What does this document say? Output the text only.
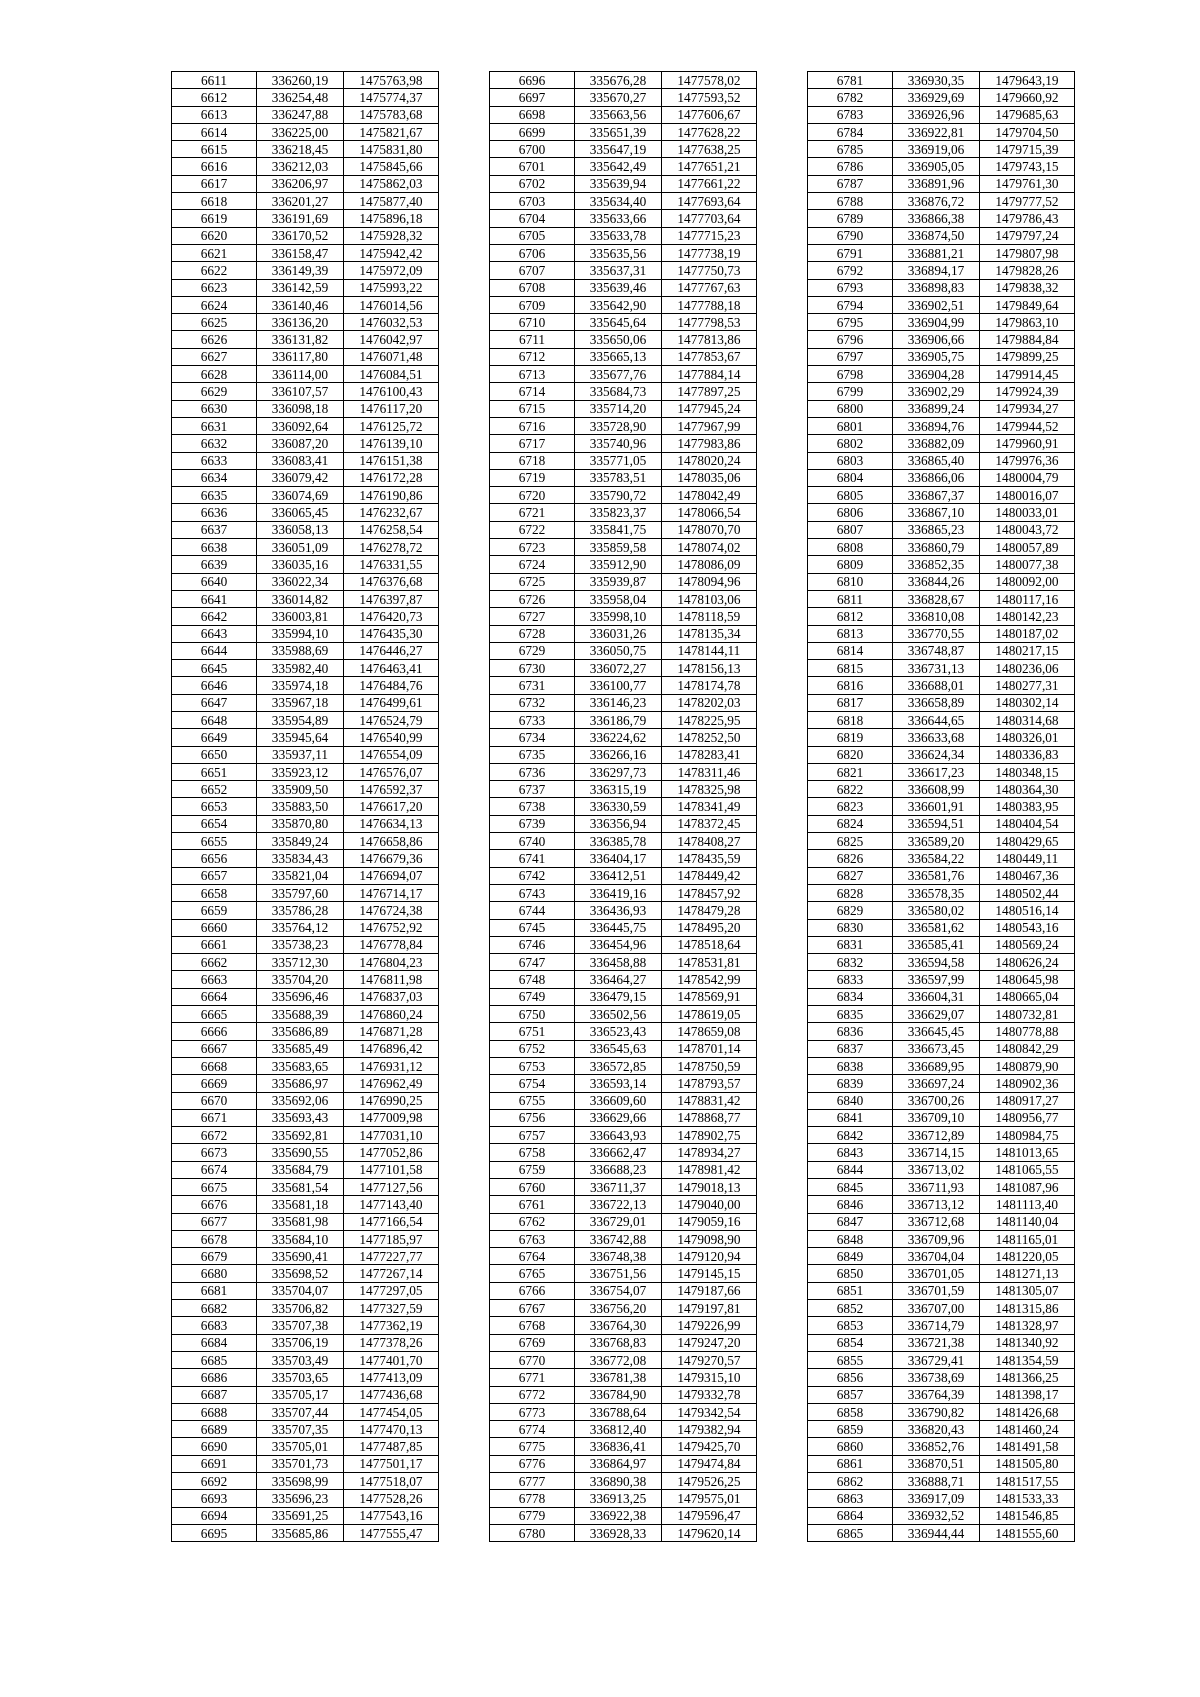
6611	336260,19	1475763,98
6612	336254,48	1475774,37
6613	336247,88	1475783,68
6614	336225,00	1475821,67
6615	336218,45	1475831,80
6616	336212,03	1475845,66
6617	336206,97	1475862,03
6618	336201,27	1475877,40
6619	336191,69	1475896,18
6620	336170,52	1475928,32
6621	336158,47	1475942,42
6622	336149,39	1475972,09
6623	336142,59	1475993,22
6624	336140,46	1476014,56
6625	336136,20	1476032,53
6626	336131,82	1476042,97
6627	336117,80	1476071,48
6628	336114,00	1476084,51
6629	336107,57	1476100,43
6630	336098,18	1476117,20
6631	336092,64	1476125,72
6632	336087,20	1476139,10
6633	336083,41	1476151,38
6634	336079,42	1476172,28
6635	336074,69	1476190,86
6636	336065,45	1476232,67
6637	336058,13	1476258,54
6638	336051,09	1476278,72
6639	336035,16	1476331,55
6640	336022,34	1476376,68
6641	336014,82	1476397,87
6642	336003,81	1476420,73
6643	335994,10	1476435,30
6644	335988,69	1476446,27
6645	335982,40	1476463,41
6646	335974,18	1476484,76
6647	335967,18	1476499,61
6648	335954,89	1476524,79
6649	335945,64	1476540,99
6650	335937,11	1476554,09
6651	335923,12	1476576,07
6652	335909,50	1476592,37
6653	335883,50	1476617,20
6654	335870,80	1476634,13
6655	335849,24	1476658,86
6656	335834,43	1476679,36
6657	335821,04	1476694,07
6658	335797,60	1476714,17
6659	335786,28	1476724,38
6660	335764,12	1476752,92
6661	335738,23	1476778,84
6662	335712,30	1476804,23
6663	335704,20	1476811,98
6664	335696,46	1476837,03
6665	335688,39	1476860,24
6666	335686,89	1476871,28
6667	335685,49	1476896,42
6668	335683,65	1476931,12
6669	335686,97	1476962,49
6670	335692,06	1476990,25
6671	335693,43	1477009,98
6672	335692,81	1477031,10
6673	335690,55	1477052,86
6674	335684,79	1477101,58
6675	335681,54	1477127,56
6676	335681,18	1477143,40
6677	335681,98	1477166,54
6678	335684,10	1477185,97
6679	335690,41	1477227,77
6680	335698,52	1477267,14
6681	335704,07	1477297,05
6682	335706,82	1477327,59
6683	335707,38	1477362,19
6684	335706,19	1477378,26
6685	335703,49	1477401,70
6686	335703,65	1477413,09
6687	335705,17	1477436,68
6688	335707,44	1477454,05
6689	335707,35	1477470,13
6690	335705,01	1477487,85
6691	335701,73	1477501,17
6692	335698,99	1477518,07
6693	335696,23	1477528,26
6694	335691,25	1477543,16
6695	335685,86	1477555,47
6696	335676,28	1477578,02
6697	335670,27	1477593,52
6698	335663,56	1477606,67
6699	335651,39	1477628,22
6700	335647,19	1477638,25
6701	335642,49	1477651,21
6702	335639,94	1477661,22
6703	335634,40	1477693,64
6704	335633,66	1477703,64
6705	335633,78	1477715,23
6706	335635,56	1477738,19
6707	335637,31	1477750,73
6708	335639,46	1477767,63
6709	335642,90	1477788,18
6710	335645,64	1477798,53
6711	335650,06	1477813,86
6712	335665,13	1477853,67
6713	335677,76	1477884,14
6714	335684,73	1477897,25
6715	335714,20	1477945,24
6716	335728,90	1477967,99
6717	335740,96	1477983,86
6718	335771,05	1478020,24
6719	335783,51	1478035,06
6720	335790,72	1478042,49
6721	335823,37	1478066,54
6722	335841,75	1478070,70
6723	335859,58	1478074,02
6724	335912,90	1478086,09
6725	335939,87	1478094,96
6726	335958,04	1478103,06
6727	335998,10	1478118,59
6728	336031,26	1478135,34
6729	336050,75	1478144,11
6730	336072,27	1478156,13
6731	336100,77	1478174,78
6732	336146,23	1478202,03
6733	336186,79	1478225,95
6734	336224,62	1478252,50
6735	336266,16	1478283,41
6736	336297,73	1478311,46
6737	336315,19	1478325,98
6738	336330,59	1478341,49
6739	336356,94	1478372,45
6740	336385,78	1478408,27
6741	336404,17	1478435,59
6742	336412,51	1478449,42
6743	336419,16	1478457,92
6744	336436,93	1478479,28
6745	336445,75	1478495,20
6746	336454,96	1478518,64
6747	336458,88	1478531,81
6748	336464,27	1478542,99
6749	336479,15	1478569,91
6750	336502,56	1478619,05
6751	336523,43	1478659,08
6752	336545,63	1478701,14
6753	336572,85	1478750,59
6754	336593,14	1478793,57
6755	336609,60	1478831,42
6756	336629,66	1478868,77
6757	336643,93	1478902,75
6758	336662,47	1478934,27
6759	336688,23	1478981,42
6760	336711,37	1479018,13
6761	336722,13	1479040,00
6762	336729,01	1479059,16
6763	336742,88	1479098,90
6764	336748,38	1479120,94
6765	336751,56	1479145,15
6766	336754,07	1479187,66
6767	336756,20	1479197,81
6768	336764,30	1479226,99
6769	336768,83	1479247,20
6770	336772,08	1479270,57
6771	336781,38	1479315,10
6772	336784,90	1479332,78
6773	336788,64	1479342,54
6774	336812,40	1479382,94
6775	336836,41	1479425,70
6776	336864,97	1479474,84
6777	336890,38	1479526,25
6778	336913,25	1479575,01
6779	336922,38	1479596,47
6780	336928,33	1479620,14
6781	336930,35	1479643,19
6782	336929,69	1479660,92
6783	336926,96	1479685,63
6784	336922,81	1479704,50
6785	336919,06	1479715,39
6786	336905,05	1479743,15
6787	336891,96	1479761,30
6788	336876,72	1479777,52
6789	336866,38	1479786,43
6790	336874,50	1479797,24
6791	336881,21	1479807,98
6792	336894,17	1479828,26
6793	336898,83	1479838,32
6794	336902,51	1479849,64
6795	336904,99	1479863,10
6796	336906,66	1479884,84
6797	336905,75	1479899,25
6798	336904,28	1479914,45
6799	336902,29	1479924,39
6800	336899,24	1479934,27
6801	336894,76	1479944,52
6802	336882,09	1479960,91
6803	336865,40	1479976,36
6804	336866,06	1480004,79
6805	336867,37	1480016,07
6806	336867,10	1480033,01
6807	336865,23	1480043,72
6808	336860,79	1480057,89
6809	336852,35	1480077,38
6810	336844,26	1480092,00
6811	336828,67	1480117,16
6812	336810,08	1480142,23
6813	336770,55	1480187,02
6814	336748,87	1480217,15
6815	336731,13	1480236,06
6816	336688,01	1480277,31
6817	336658,89	1480302,14
6818	336644,65	1480314,68
6819	336633,68	1480326,01
6820	336624,34	1480336,83
6821	336617,23	1480348,15
6822	336608,99	1480364,30
6823	336601,91	1480383,95
6824	336594,51	1480404,54
6825	336589,20	1480429,65
6826	336584,22	1480449,11
6827	336581,76	1480467,36
6828	336578,35	1480502,44
6829	336580,02	1480516,14
6830	336581,62	1480543,16
6831	336585,41	1480569,24
6832	336594,58	1480626,24
6833	336597,99	1480645,98
6834	336604,31	1480665,04
6835	336629,07	1480732,81
6836	336645,45	1480778,88
6837	336673,45	1480842,29
6838	336689,95	1480879,90
6839	336697,24	1480902,36
6840	336700,26	1480917,27
6841	336709,10	1480956,77
6842	336712,89	1480984,75
6843	336714,15	1481013,65
6844	336713,02	1481065,55
6845	336711,93	1481087,96
6846	336713,12	1481113,40
6847	336712,68	1481140,04
6848	336709,96	1481165,01
6849	336704,04	1481220,05
6850	336701,05	1481271,13
6851	336701,59	1481305,07
6852	336707,00	1481315,86
6853	336714,79	1481328,97
6854	336721,38	1481340,92
6855	336729,41	1481354,59
6856	336738,69	1481366,25
6857	336764,39	1481398,17
6858	336790,82	1481426,68
6859	336820,43	1481460,24
6860	336852,76	1481491,58
6861	336870,51	1481505,80
6862	336888,71	1481517,55
6863	336917,09	1481533,33
6864	336932,52	1481546,85
6865	336944,44	1481555,60
